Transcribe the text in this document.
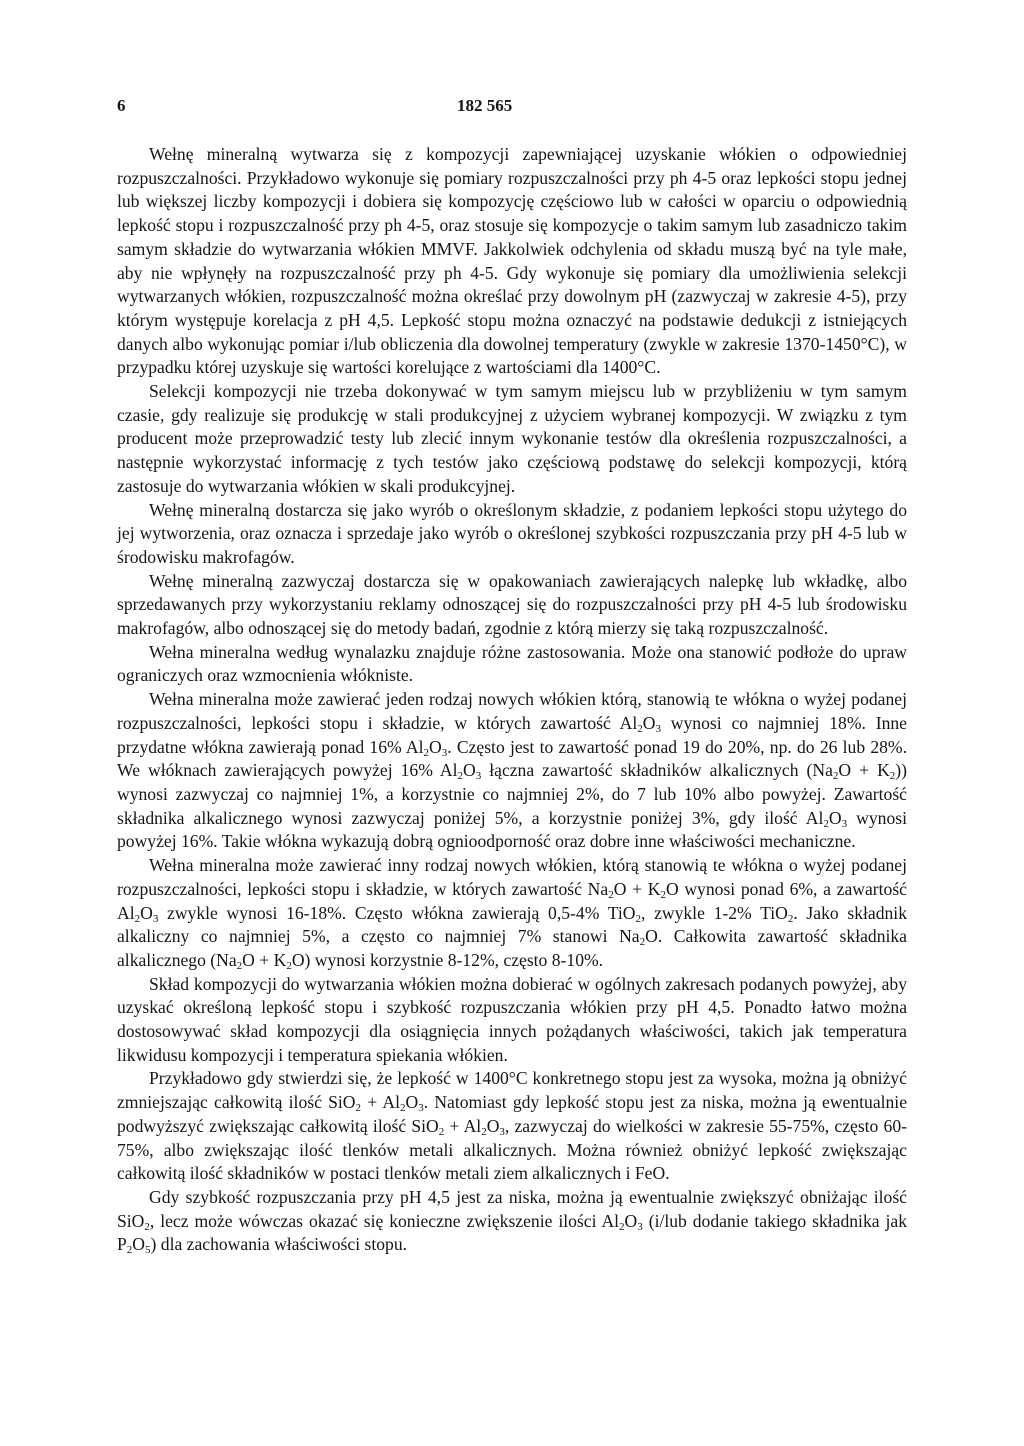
6	182 565

Wełnę mineralną wytwarza się z kompozycji zapewniającej uzyskanie włókien o odpowiedniej rozpuszczalności. Przykładowo wykonuje się pomiary rozpuszczalności przy ph 4-5 oraz lepkości stopu jednej lub większej liczby kompozycji i dobiera się kompozycję częściowo lub w całości w oparciu o odpowiednią lepkość stopu i rozpuszczalność przy ph 4-5, oraz stosuje się kompozycje o takim samym lub zasadniczo takim samym składzie do wytwarzania włókien MMVF. Jakkolwiek odchylenia od składu muszą być na tyle małe, aby nie wpłynęły na rozpuszczalność przy ph 4-5. Gdy wykonuje się pomiary dla umożliwienia selekcji wytwarzanych włókien, rozpuszczalność można określać przy dowolnym pH (zazwyczaj w zakresie 4-5), przy którym występuje korelacja z pH 4,5. Lepkość stopu można oznaczyć na podstawie dedukcji z istniejących danych albo wykonując pomiar i/lub obliczenia dla dowolnej temperatury (zwykle w zakresie 1370-1450°C), w przypadku której uzyskuje się wartości korelujące z wartościami dla 1400°C.

Selekcji kompozycji nie trzeba dokonywać w tym samym miejscu lub w przybliżeniu w tym samym czasie, gdy realizuje się produkcję w stali produkcyjnej z użyciem wybranej kompozycji. W związku z tym producent może przeprowadzić testy lub zlecić innym wykonanie testów dla określenia rozpuszczalności, a następnie wykorzystać informację z tych testów jako częściową podstawę do selekcji kompozycji, którą zastosuje do wytwarzania włókien w skali produkcyjnej.

Wełnę mineralną dostarcza się jako wyrób o określonym składzie, z podaniem lepkości stopu użytego do jej wytworzenia, oraz oznacza i sprzedaje jako wyrób o określonej szybkości rozpuszczania przy pH 4-5 lub w środowisku makrofagów.

Wełnę mineralną zazwyczaj dostarcza się w opakowaniach zawierających nalepkę lub wkładkę, albo sprzedawanych przy wykorzystaniu reklamy odnoszącej się do rozpuszczalności przy pH 4-5 lub środowisku makrofagów, albo odnoszącej się do metody badań, zgodnie z którą mierzy się taką rozpuszczalność.

Wełna mineralna według wynalazku znajduje różne zastosowania. Może ona stanowić podłoże do upraw ograniczych oraz wzmocnienia włókniste.

Wełna mineralna może zawierać jeden rodzaj nowych włókien którą, stanowią te włókna o wyżej podanej rozpuszczalności, lepkości stopu i składzie, w których zawartość $Al_2O_3$ wynosi co najmniej 18%. Inne przydatne włókna zawierają ponad 16% $Al_2O_3$. Często jest to zawartość ponad 19 do 20%, np. do 26 lub 28%. We włóknach zawierających powyżej 16% $Al_2O_3$ łączna zawartość składników alkalicznych $(Na_2O + K_2)$) wynosi zazwyczaj co najmniej 1%, a korzystnie co najmniej 2%, do 7 lub 10% albo powyżej. Zawartość składnika alkalicznego wynosi zazwyczaj poniżej 5%, a korzystnie poniżej 3%, gdy ilość $Al_2O_3$ wynosi powyżej 16%. Takie włókna wykazują dobrą ognioodporność oraz dobre inne właściwości mechaniczne.

Wełna mineralna może zawierać inny rodzaj nowych włókien, którą stanowią te włókna o wyżej podanej rozpuszczalności, lepkości stopu i składzie, w których zawartość $Na_2O + K_2O$ wynosi ponad 6%, a zawartość $Al_2O_3$ zwykle wynosi 16-18%. Często włókna zawierają 0,5-4% TiO$_2$, zwykle 1-2% TiO$_2$. Jako składnik alkaliczny co najmniej 5%, a często co najmniej 7% stanowi $Na_2O$. Całkowita zawartość składnika alkalicznego $(Na_2O + K_2O)$ wynosi korzystnie 8-12%, często 8-10%.

Skład kompozycji do wytwarzania włókien można dobierać w ogólnych zakresach podanych powyżej, aby uzyskać określoną lepkość stopu i szybkość rozpuszczania włókien przy pH 4,5. Ponadto łatwo można dostosowywać skład kompozycji dla osiągnięcia innych pożądanych właściwości, takich jak temperatura likwidusu kompozycji i temperatura spiekania włókien.

Przykładowo gdy stwierdzi się, że lepkość w 1400°C konkretnego stopu jest za wysoka, można ją obniżyć zmniejszając całkowitą ilość $SiO_2 + Al_2O_3$. Natomiast gdy lepkość stopu jest za niska, można ją ewentualnie podwyższyć zwiększając całkowitą ilość $SiO_2 + Al_2O_3$, zazwyczaj do wielkości w zakresie 55-75%, często 60-75%, albo zwiększając ilość tlenków metali alkalicznych. Można również obniżyć lepkość zwiększając całkowitą ilość składników w postaci tlenków metali ziem alkalicznych i FeO.

Gdy szybkość rozpuszczania przy pH 4,5 jest za niska, można ją ewentualnie zwiększyć obniżając ilość SiO$_2$, lecz może wówczas okazać się konieczne zwiększenie ilości $Al_2O_3$ (i/lub dodanie takiego składnika jak $P_2O_5$) dla zachowania właściwości stopu.
